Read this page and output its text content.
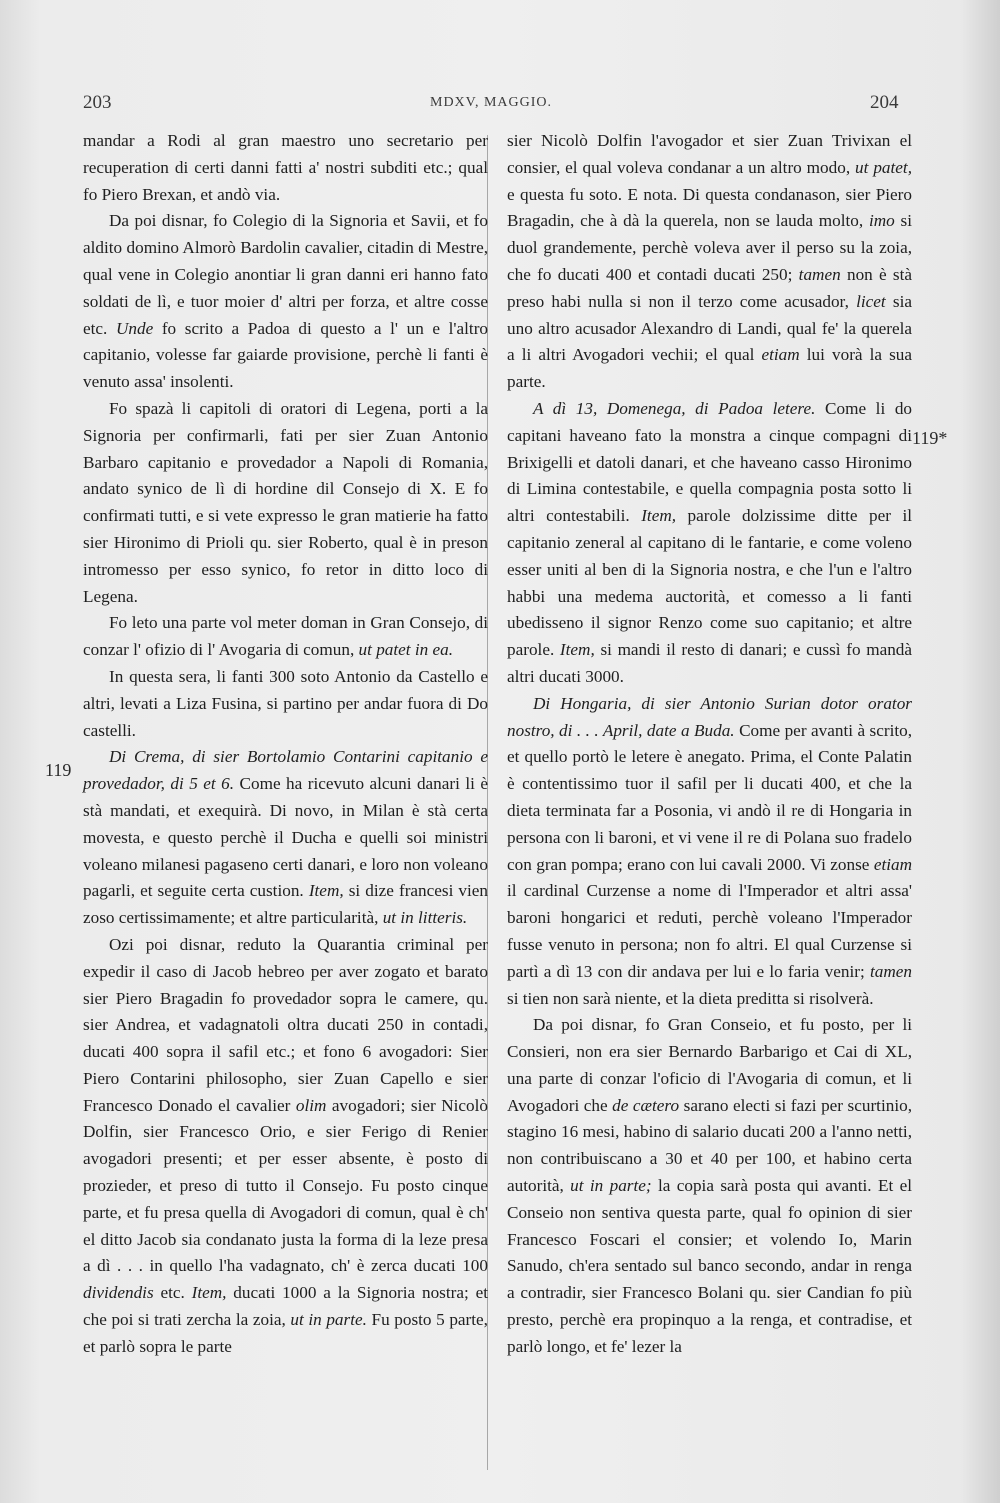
203	MDXV, MAGGIO.	204
119
119*

mandar a Rodi al gran maestro uno secretario per recuperation di certi danni fatti a' nostri subditi etc.; qual fo Piero Brexan, et andò via.

Da poi disnar, fo Colegio di la Signoria et Savii, et fo aldito domino Almorò Bardolin cavalier, citadin di Mestre, qual vene in Colegio anontiar li gran danni eri hanno fato soldati de lì, e tuor moier d' altri per forza, et altre cosse etc. Unde fo scrito a Padoa di questo a l' un e l'altro capitanio, volesse far gaiarde provisione, perchè li fanti è venuto assa' insolenti.

Fo spazà li capitoli di oratori di Legena, porti a la Signoria per confirmarli, fati per sier Zuan Antonio Barbaro capitanio e provedador a Napoli di Romania, andato synico de lì di hordine dil Consejo di X. E fo confirmati tutti, e si vete expresso le gran matierie ha fatto sier Hironimo di Prioli qu. sier Roberto, qual è in preson intromesso per esso synico, fo retor in ditto loco di Legena.

Fo leto una parte vol meter doman in Gran Consejo, di conzar l' ofizio di l' Avogaria di comun, ut patet in ea.

In questa sera, li fanti 300 soto Antonio da Castello e altri, levati a Liza Fusina, si partino per andar fuora di Do castelli.

Di Crema, di sier Bortolamio Contarini capitanio e provedador, di 5 et 6. Come ha ricevuto alcuni danari li è stà mandati, et exequirà. Di novo, in Milan è stà certa movesta, e questo perchè il Ducha e quelli soi ministri voleano milanesi pagaseno certi danari, e loro non voleano pagarli, et seguite certa custion. Item, si dize francesi vien zoso certissimamente; et altre particularità, ut in litteris.

Ozi poi disnar, reduto la Quarantia criminal per expedir il caso di Jacob hebreo per aver zogato et barato sier Piero Bragadin fo provedador sopra le camere, qu. sier Andrea, et vadagnatoli oltra ducati 250 in contadi, ducati 400 sopra il safil etc.; et fono 6 avogadori: Sier Piero Contarini philosopho, sier Zuan Capello e sier Francesco Donado el cavalier olim avogadori; sier Nicolò Dolfin, sier Francesco Orio, e sier Ferigo di Renier avogadori presenti; et per esser absente, è posto di prozieder, et preso di tutto il Consejo. Fu posto cinque parte, et fu presa quella di Avogadori di comun, qual è ch' el ditto Jacob sia condanato justa la forma di la leze presa a dì . . . in quello l'ha vadagnato, ch' è zerca ducati 100 dividendis etc. Item, ducati 1000 a la Signoria nostra; et che poi si trati zercha la zoia, ut in parte. Fu posto 5 parte, et parlò sopra le parte

sier Nicolò Dolfin l'avogador et sier Zuan Trivixan el consier, el qual voleva condanar a un altro modo, ut patet, e questa fu soto. E nota. Di questa condanason, sier Piero Bragadin, che à dà la querela, non se lauda molto, imo si duol grandemente, perchè voleva aver il perso su la zoia, che fo ducati 400 et contadi ducati 250; tamen non è stà preso habi nulla si non il terzo come acusador, licet sia uno altro acusador Alexandro di Landi, qual fe' la querela a li altri Avogadori vechii; el qual etiam lui vorà la sua parte.

A dì 13, Domenega, di Padoa letere. Come li do capitani haveano fato la monstra a cinque compagni di Brixigelli et datoli danari, et che haveano casso Hironimo di Limina contestabile, e quella compagnia posta sotto li altri contestabili. Item, parole dolzissime ditte per il capitanio zeneral al capitano di le fantarie, e come voleno esser uniti al ben di la Signoria nostra, e che l'un e l'altro habbi una medema auctorità, et comesso a li fanti ubedisseno il signor Renzo come suo capitanio; et altre parole. Item, si mandi il resto di danari; e cussì fo mandà altri ducati 3000.

Di Hongaria, di sier Antonio Surian dotor orator nostro, di . . . April, date a Buda. Come per avanti à scrito, et quello portò le letere è anegato. Prima, el Conte Palatin è contentissimo tuor il safil per li ducati 400, et che la dieta terminata far a Posonia, vi andò il re di Hongaria in persona con li baroni, et vi vene il re di Polana suo fradelo con gran pompa; erano con lui cavali 2000. Vi zonse etiam il cardinal Curzense a nome di l'Imperador et altri assa' baroni hongarici et reduti, perchè voleano l'Imperador fusse venuto in persona; non fo altri. El qual Curzense si partì a dì 13 con dir andava per lui e lo faria venir; tamen si tien non sarà niente, et la dieta preditta si risolverà.

Da poi disnar, fo Gran Conseio, et fu posto, per li Consieri, non era sier Bernardo Barbarigo et Cai di XL, una parte di conzar l'oficio di l'Avogaria di comun, et li Avogadori che de cætero sarano electi si fazi per scurtinio, stagino 16 mesi, habino di salario ducati 200 a l'anno netti, non contribuiscano a 30 et 40 per 100, et habino certa autorità, ut in parte; la copia sarà posta qui avanti. Et el Conseio non sentiva questa parte, qual fo opinion di sier Francesco Foscari el consier; et volendo Io, Marin Sanudo, ch'era sentado sul banco secondo, andar in renga a contradir, sier Francesco Bolani qu. sier Candian fo più presto, perchè era propinquo a la renga, et contradise, et parlò longo, et fe' lezer la
